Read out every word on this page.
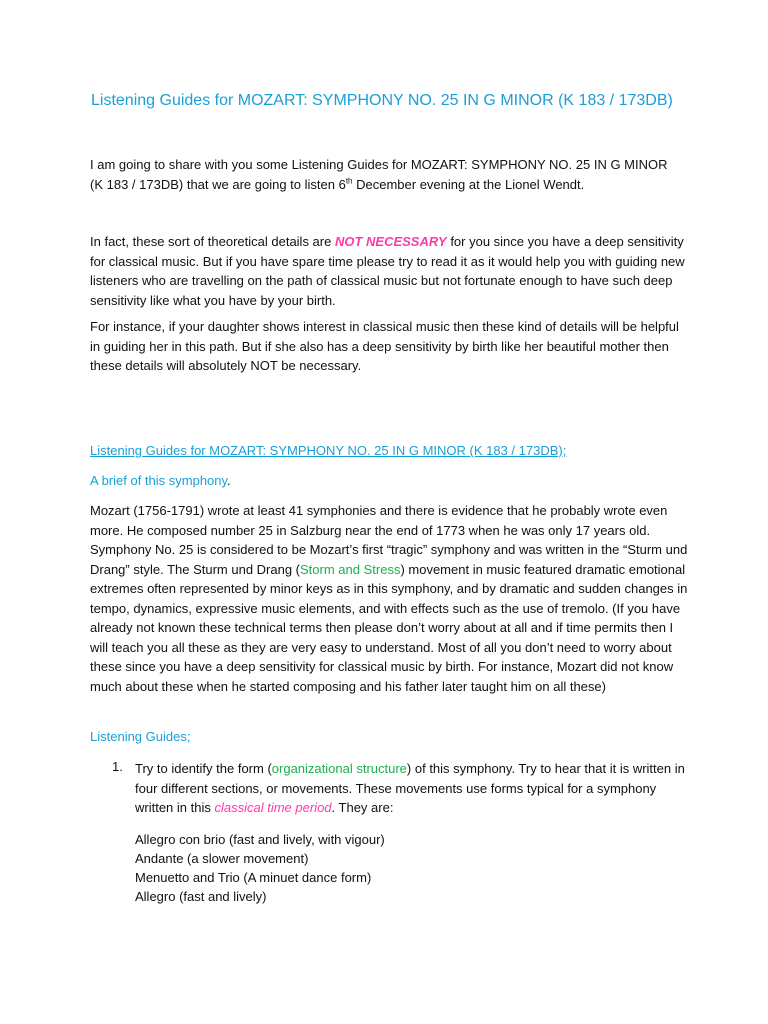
Listening Guides for MOZART: SYMPHONY NO. 25 IN G MINOR (K 183 / 173DB)

I am going to share with you some Listening Guides for MOZART: SYMPHONY NO. 25 IN G MINOR
(K 183 / 173DB) that we are going to listen 6th December evening at the Lionel Wendt.

In fact, these sort of theoretical details are NOT NECESSARY for you since you have a deep sensitivity for classical music. But if you have spare time please try to read it as it would help you with guiding new listeners who are travelling on the path of classical music but not fortunate enough to have such deep sensitivity like what you have by your birth.

For instance, if your daughter shows interest in classical music then these kind of details will be helpful in guiding her in this path. But if she also has a deep sensitivity by birth like her beautiful mother then these details will absolutely NOT be necessary.

Listening Guides for MOZART: SYMPHONY NO. 25 IN G MINOR (K 183 / 173DB);
A brief of this symphony.

Mozart (1756-1791) wrote at least 41 symphonies and there is evidence that he probably wrote even more. He composed number 25 in Salzburg near the end of 1773 when he was only 17 years old. Symphony No. 25 is considered to be Mozart’s first “tragic” symphony and was written in the “Sturm und Drang” style. The Sturm und Drang (Storm and Stress) movement in music featured dramatic emotional extremes often represented by minor keys as in this symphony, and by dramatic and sudden changes in tempo, dynamics, expressive music elements, and with effects such as the use of tremolo. (If you have already not known these technical terms then please don’t worry about at all and if time permits then I will teach you all these as they are very easy to understand. Most of all you don’t need to worry about these since you have a deep sensitivity for classical music by birth. For instance, Mozart did not know much about these when he started composing and his father later taught him on all these)

Listening Guides;
1. Try to identify the form (organizational structure) of this symphony. Try to hear that it is written in four different sections, or movements. These movements use forms typical for a symphony written in this classical time period. They are:

Allegro con brio (fast and lively, with vigour)
Andante (a slower movement)
Menuetto and Trio (A minuet dance form)
Allegro (fast and lively)
